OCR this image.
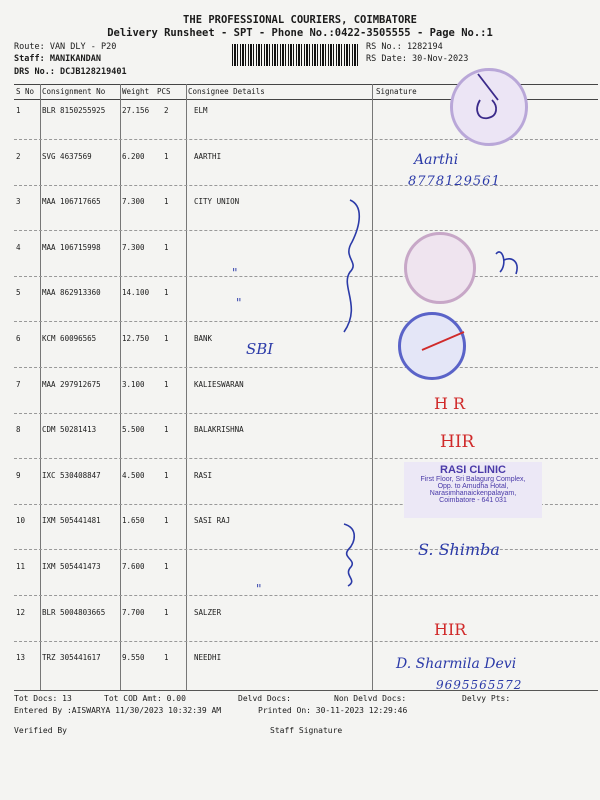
THE PROFESSIONAL COURIERS, COIMBATORE
Delivery Runsheet - SPT - Phone No.:0422-3505555 - Page No.:1
Route: VAN DLY - P20
Staff: MANIKANDAN
DRS No.: DCJB128219401
RS No.: 1282194
RS Date: 30-Nov-2023
S No Consignment No Weight PCS Consignee Details	Signature
1	BLR 8150255925 27.156 2	ELM
2	SVG 4637569	6.200	1	AARTHI
3	MAA 106717665	7.300	1	CITY UNION
4	MAA 106715998	7.300	1
5	MAA 862913360	14.100 1
6	KCM 60096565	12.750 1	BANK
7	MAA 297912675	3.100	1	KALIESWARAN
8	CDM 50281413	5.500	1	BALAKRISHNA
9	IXC 530408847	4.500	1	RASI
10 IXM 505441481	1.650	1	SASI RAJ
11 IXM 505441473	7.600	1
12 BLR 5004803665 7.700	1	SALZER
13 TRZ 305441617	9.550	1	NEEDHI
Aarthi
8778129561
SBI
H R
HIR
S. Shimba
HIR
D. Sharmila Devi
9695565572
"
"
"
RASI CLINIC
First Floor, Sri Balagurg Complex,
Opp. to Amudha Hotal,
Narasimhanaickenpalayam,
Coimbatore - 641 031
Tot Docs: 13	Tot COD Amt: 0.00	Delvd Docs:	Non Delvd Docs:	Delvy Pts:
Entered By :AISWARYA 11/30/2023 10:32:39 AM	Printed On: 30-11-2023 12:29:46
Verified By	Staff Signature
